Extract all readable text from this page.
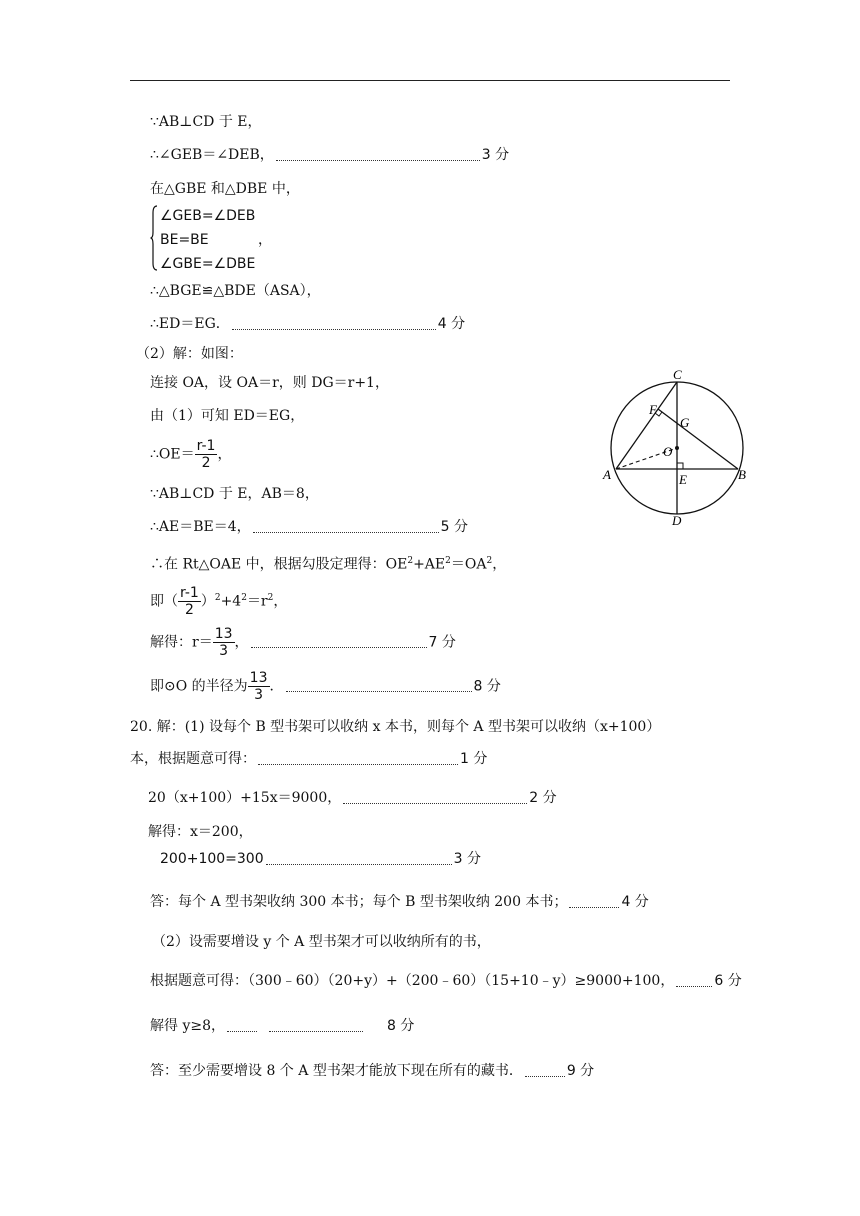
∵AB⊥CD 于 E，
∴∠GEB＝∠DEB，	3 分
在△GBE 和△DBE 中，
∠GEB=∠DEB
BE=BE	，
∠GBE=∠DBE
∴△BGE≌△BDE（ASA），
∴ED＝EG．	4 分
（2）解：如图：
连接 OA，设 OA＝r，则 DG＝r+1，
由（1）可知 ED＝EG，
∴OE＝ $\frac{r-1}{2}$ ，
∵AB⊥CD 于 E，AB＝8，
∴AE＝BE＝4，	5 分
∴在 Rt△OAE 中，根据勾股定理得：$OE^2+AE^2=OA^2$，
即（ $\frac{r-1}{2} )^2+4^2=r^2$，
解得：$r= \frac{13}{3}$ ，	7 分
即⊙O 的半径为 $\frac{13}{3}$ ．	8 分
C
F
G
O
A	B
E
D
20. 解：(1) 设每个 B 型书架可以收纳 x 本书，则每个 A 型书架可以收纳（x+100）
本，根据题意可得：	1 分
20（x+100）+15x＝9000，	2 分
解得：x＝200，
200+100=300	3 分
答：每个 A 型书架收纳 300 本书；每个 B 型书架收纳 200 本书；	4 分
（2）设需要增设 y 个 A 型书架才可以收纳所有的书，
根据题意可得：（300﹣60）（20+y）+（200﹣60）（15+10﹣y）≥9000+100，	6 分
解得 y≥8，	8 分
答：至少需要增设 8 个 A 型书架才能放下现在所有的藏书．	9 分
